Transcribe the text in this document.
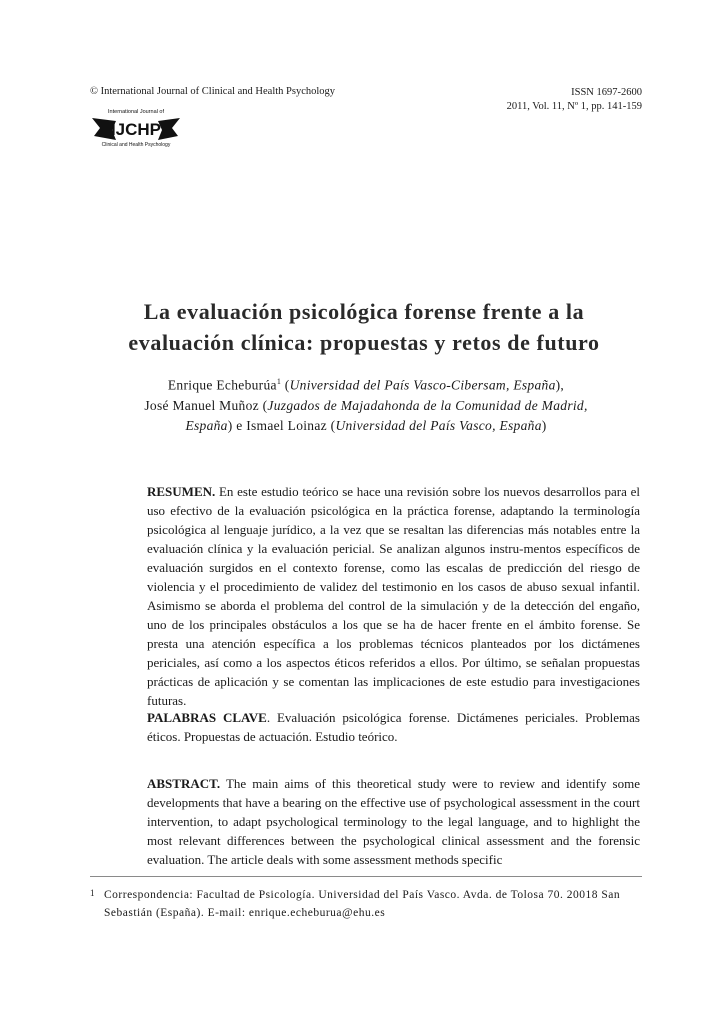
© International Journal of Clinical and Health Psychology	ISSN 1697-2600
2011, Vol. 11, Nº 1, pp. 141-159
International Journal of
IJCHP
Clinical and Health Psychology
La evaluación psicológica forense frente a la
evaluación clínica: propuestas y retos de futuro
Enrique Echeburúa$^1$ (Universidad del País Vasco-Cibersam, España),
José Manuel Muñoz (Juzgados de Majadahonda de la Comunidad de Madrid,
España) e Ismael Loinaz (Universidad del País Vasco, España)
RESUMEN. En este estudio teórico se hace una revisión sobre los nuevos desarrollos para el uso efectivo de la evaluación psicológica en la práctica forense, adaptando la terminología psicológica al lenguaje jurídico, a la vez que se resaltan las diferencias más notables entre la evaluación clínica y la evaluación pericial. Se analizan algunos instru-mentos específicos de evaluación surgidos en el contexto forense, como las escalas de predicción del riesgo de violencia y el procedimiento de validez del testimonio en los casos de abuso sexual infantil. Asimismo se aborda el problema del control de la simulación y de la detección del engaño, uno de los principales obstáculos a los que se ha de hacer frente en el ámbito forense. Se presta una atención específica a los problemas técnicos planteados por los dictámenes periciales, así como a los aspectos éticos referidos a ellos. Por último, se señalan propuestas prácticas de aplicación y se comentan las implicaciones de este estudio para investigaciones futuras.
PALABRAS CLAVE. Evaluación psicológica forense. Dictámenes periciales. Problemas éticos. Propuestas de actuación. Estudio teórico.
ABSTRACT. The main aims of this theoretical study were to review and identify some developments that have a bearing on the effective use of psychological assessment in the court intervention, to adapt psychological terminology to the legal language, and to highlight the most relevant differences between the psychological clinical assessment and the forensic evaluation. The article deals with some assessment methods specific
1 Correspondencia: Facultad de Psicología. Universidad del País Vasco. Avda. de Tolosa 70. 20018 San Sebastián (España). E-mail: enrique.echeburua@ehu.es
